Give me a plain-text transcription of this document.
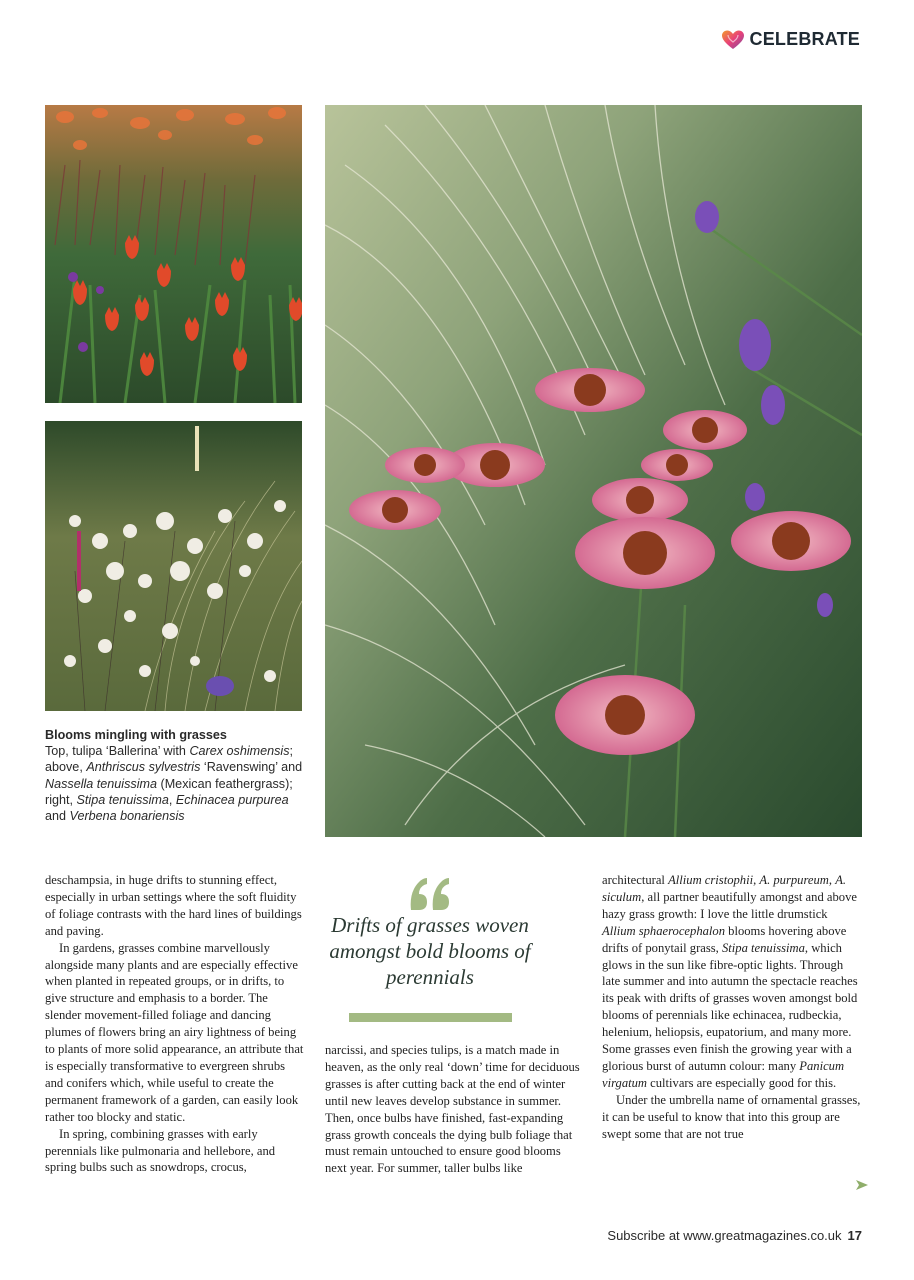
CELEBRATE
Blooms mingling with grasses
Top, tulipa ‘Ballerina’ with Carex oshimensis; above, Anthriscus sylvestris ‘Ravenswing’ and Nassella tenuissima (Mexican feathergrass); right, Stipa tenuissima, Echinacea purpurea and Verbena bonariensis

deschampsia, in huge drifts to stunning effect, especially in urban settings where the soft fluidity of foliage contrasts with the hard lines of buildings and paving.

In gardens, grasses combine marvellously alongside many plants and are especially effective when planted in repeated groups, or in drifts, to give structure and emphasis to a border. The slender movement-filled foliage and dancing plumes of flowers bring an airy lightness of being to plants of more solid appearance, an attribute that is especially transformative to evergreen shrubs and conifers which, while useful to create the permanent framework of a garden, can easily look rather too blocky and static.

In spring, combining grasses with early perennials like pulmonaria and hellebore, and spring bulbs such as snowdrops, crocus,

Drifts of grasses woven amongst bold blooms of perennials

narcissi, and species tulips, is a match made in heaven, as the only real ‘down’ time for deciduous grasses is after cutting back at the end of winter until new leaves develop substance in summer. Then, once bulbs have finished, fast-expanding grass growth conceals the dying bulb foliage that must remain untouched to ensure good blooms next year. For summer, taller bulbs like

architectural Allium cristophii, A. purpureum, A. siculum, all partner beautifully amongst and above hazy grass growth: I love the little drumstick Allium sphaerocephalon blooms hovering above drifts of ponytail grass, Stipa tenuissima, which glows in the sun like fibre-optic lights. Through late summer and into autumn the spectacle reaches its peak with drifts of grasses woven amongst bold blooms of perennials like echinacea, rudbeckia, helenium, heliopsis, eupatorium, and many more. Some grasses even finish the growing year with a glorious burst of autumn colour: many Panicum virgatum cultivars are especially good for this.

Under the umbrella name of ornamental grasses, it can be useful to know that into this group are swept some that are not true

Subscribe at www.greatmagazines.co.uk 17
